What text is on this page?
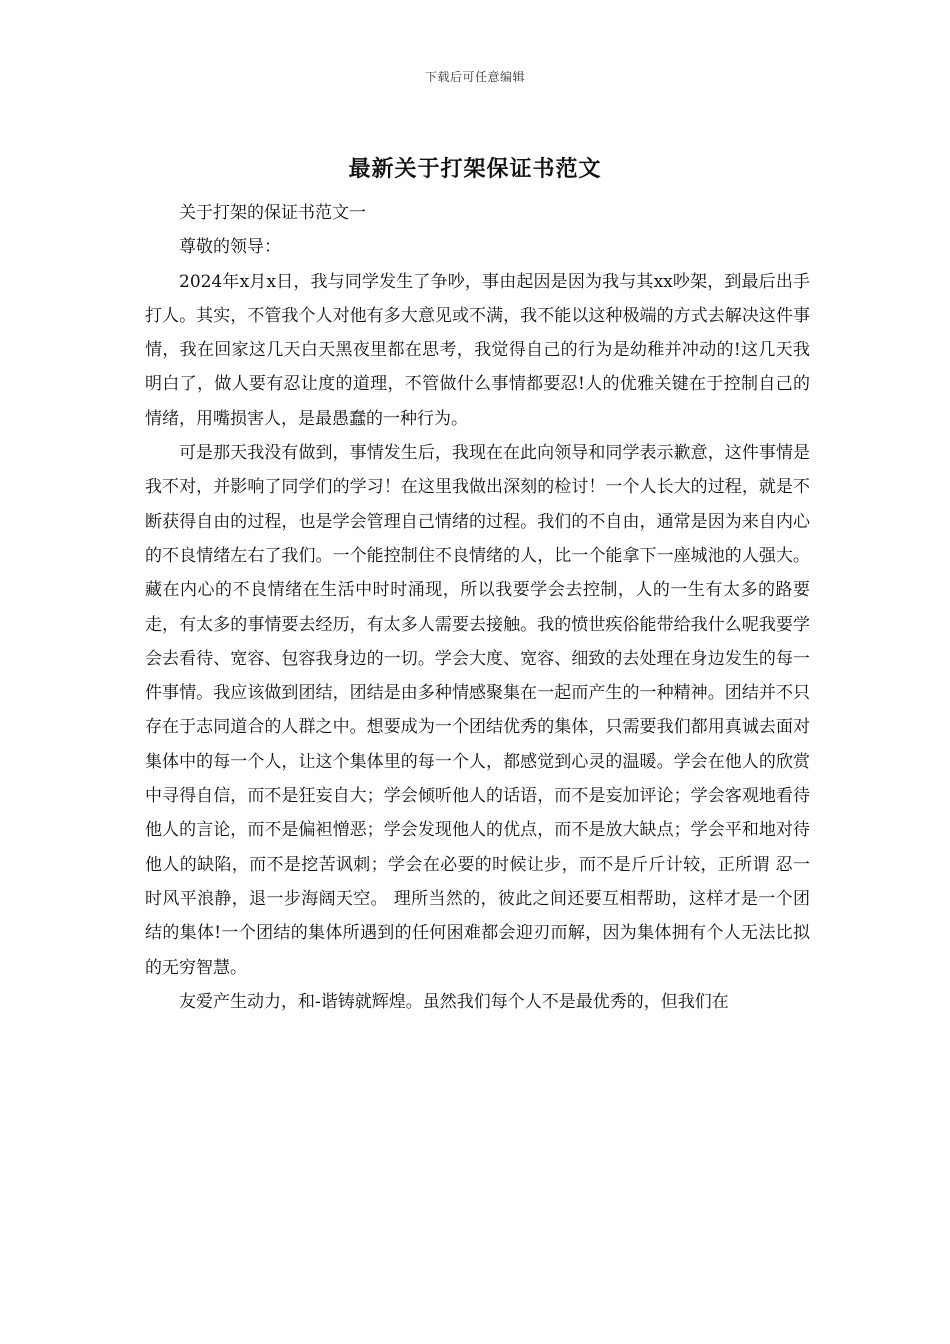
下载后可任意编辑
最新关于打架保证书范文

关于打架的保证书范文一

尊敬的领导：

2024年x月x日，我与同学发生了争吵，事由起因是因为我与其xx吵架，到最后出手打人。其实，不管我个人对他有多大意见或不满，我不能以这种极端的方式去解决这件事情，我在回家这几天白天黑夜里都在思考，我觉得自己的行为是幼稚并冲动的!这几天我明白了，做人要有忍让度的道理，不管做什么事情都要忍!人的优雅关键在于控制自己的情绪，用嘴损害人，是最愚蠢的一种行为。

可是那天我没有做到，事情发生后，我现在在此向领导和同学表示歉意，这件事情是我不对，并影响了同学们的学习！在这里我做出深刻的检讨！一个人长大的过程，就是不断获得自由的过程，也是学会管理自己情绪的过程。我们的不自由，通常是因为来自内心的不良情绪左右了我们。一个能控制住不良情绪的人，比一个能拿下一座城池的人强大。藏在内心的不良情绪在生活中时时涌现，所以我要学会去控制，人的一生有太多的路要走，有太多的事情要去经历，有太多人需要去接触。我的愤世疾俗能带给我什么呢我要学会去看待、宽容、包容我身边的一切。学会大度、宽容、细致的去处理在身边发生的每一件事情。我应该做到团结，团结是由多种情感聚集在一起而产生的一种精神。团结并不只存在于志同道合的人群之中。想要成为一个团结优秀的集体，只需要我们都用真诚去面对集体中的每一个人，让这个集体里的每一个人，都感觉到心灵的温暖。学会在他人的欣赏中寻得自信，而不是狂妄自大；学会倾听他人的话语，而不是妄加评论；学会客观地看待他人的言论，而不是偏袒憎恶；学会发现他人的优点，而不是放大缺点；学会平和地对待他人的缺陷，而不是挖苦讽刺；学会在必要的时候让步，而不是斤斤计较，正所谓 忍一时风平浪静，退一步海阔天空。 理所当然的，彼此之间还要互相帮助，这样才是一个团结的集体!一个团结的集体所遇到的任何困难都会迎刃而解，因为集体拥有个人无法比拟的无穷智慧。

友爱产生动力，和-谐铸就辉煌。虽然我们每个人不是最优秀的，但我们在
